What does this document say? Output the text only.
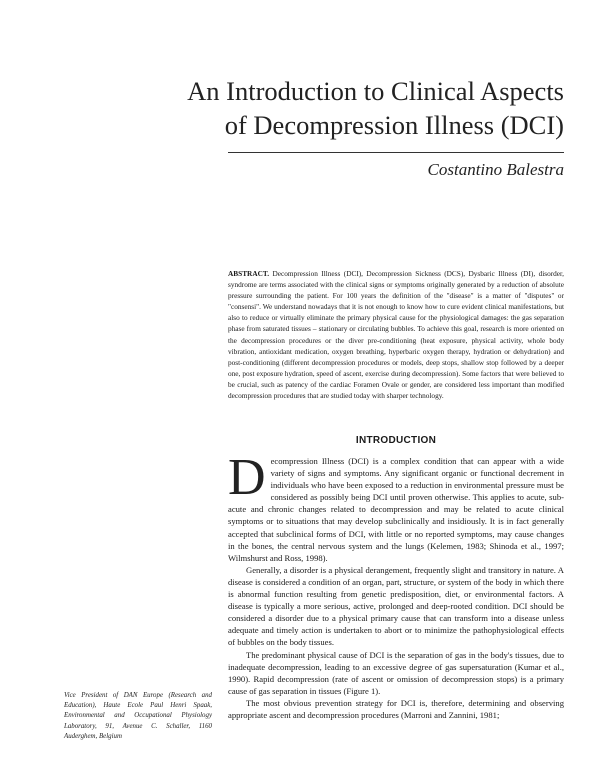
An Introduction to Clinical Aspects
of Decompression Illness (DCI)
Costantino Balestra

ABSTRACT. Decompression Illness (DCI), Decompression Sickness (DCS), Dysbaric Illness (DI), disorder, syndrome are terms associated with the clinical signs or symptoms originally generated by a reduction of absolute pressure surrounding the patient. For 100 years the definition of the "disease" is a matter of "disputes" or "consensi". We understand nowadays that it is not enough to know how to cure evident clinical manifestations, but also to reduce or virtually eliminate the primary physical cause for the physiological damages: the gas separation phase from saturated tissues – stationary or circulating bubbles. To achieve this goal, research is more oriented on the decompression procedures or the diver pre-conditioning (heat exposure, physical activity, whole body vibration, antioxidant medication, oxygen breathing, hyperbaric oxygen therapy, hydration or dehydration) and post-conditioning (different decompression procedures or models, deep stops, shallow stop followed by a deeper one, post exposure hydration, speed of ascent, exercise during decompression). Some factors that were believed to be crucial, such as patency of the cardiac Foramen Ovale or gender, are considered less important than modified decompression procedures that are studied today with sharper technology.

INTRODUCTION

Decompression Illness (DCI) is a complex condition that can appear with a wide variety of signs and symptoms. Any significant organic or functional decrement in individuals who have been exposed to a reduction in environmental pressure must be considered as possibly being DCI until proven otherwise. This applies to acute, sub-acute and chronic changes related to decompression and may be related to acute clinical symptoms or to situations that may develop subclinically and insidiously. It is in fact generally accepted that subclinical forms of DCI, with little or no reported symptoms, may cause changes in the bones, the central nervous system and the lungs (Kelemen, 1983; Shinoda et al., 1997; Wilmshurst and Ross, 1998).

Generally, a disorder is a physical derangement, frequently slight and transitory in nature. A disease is considered a condition of an organ, part, structure, or system of the body in which there is abnormal function resulting from genetic predisposition, diet, or environmental factors. A disease is typically a more serious, active, prolonged and deep-rooted condition. DCI should be considered a disorder due to a physical primary cause that can transform into a disease unless adequate and timely action is undertaken to abort or to minimize the pathophysiological effects of bubbles on the body tissues.

The predominant physical cause of DCI is the separation of gas in the body's tissues, due to inadequate decompression, leading to an excessive degree of gas supersaturation (Kumar et al., 1990). Rapid decompression (rate of ascent or omission of decompression stops) is a primary cause of gas separation in tissues (Figure 1).

The most obvious prevention strategy for DCI is, therefore, determining and observing appropriate ascent and decompression procedures (Marroni and Zannini, 1981;

Vice President of DAN Europe (Research and Education), Haute Ecole Paul Henri Spaak, Environmental and Occupational Physiology Laboratory, 91, Avenue C. Schaller, 1160 Auderghem, Belgium
